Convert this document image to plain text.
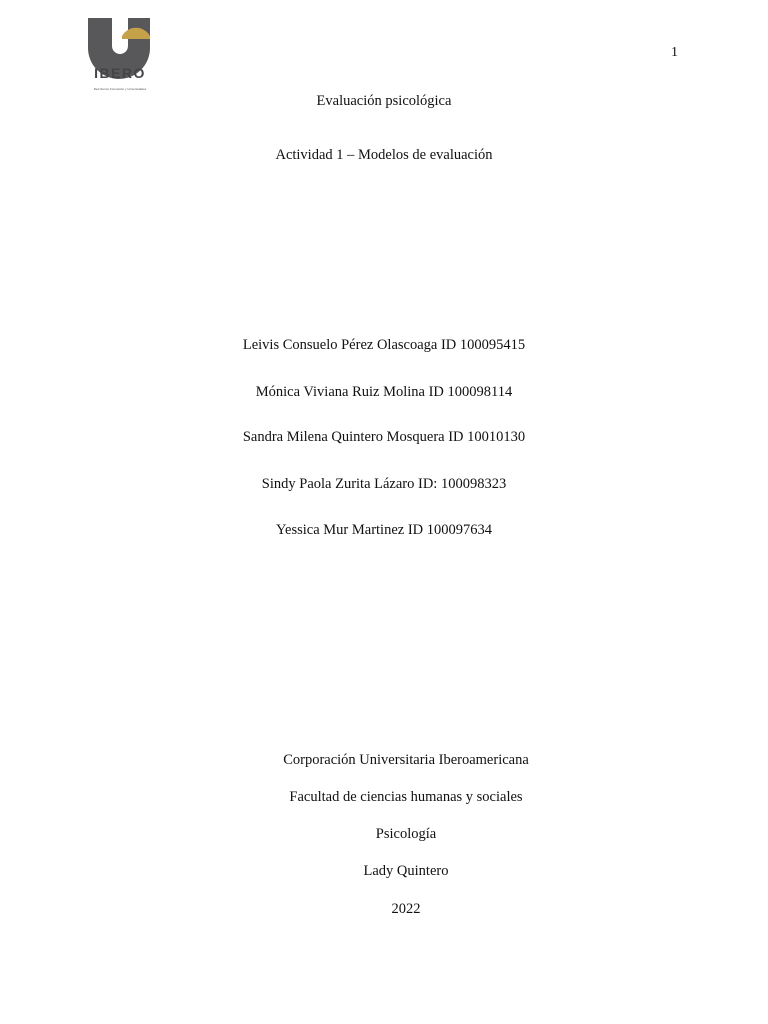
IBERO
Red Ilumno Formación y Universidades
1
Evaluación psicológica
Actividad 1 – Modelos de evaluación
Leivis Consuelo Pérez Olascoaga ID 100095415
Mónica Viviana Ruiz Molina ID 100098114
Sandra Milena Quintero Mosquera ID 10010130
Sindy Paola Zurita Lázaro ID: 100098323
Yessica Mur Martinez ID 100097634
Corporación Universitaria Iberoamericana
Facultad de ciencias humanas y sociales
Psicología
Lady Quintero
2022
